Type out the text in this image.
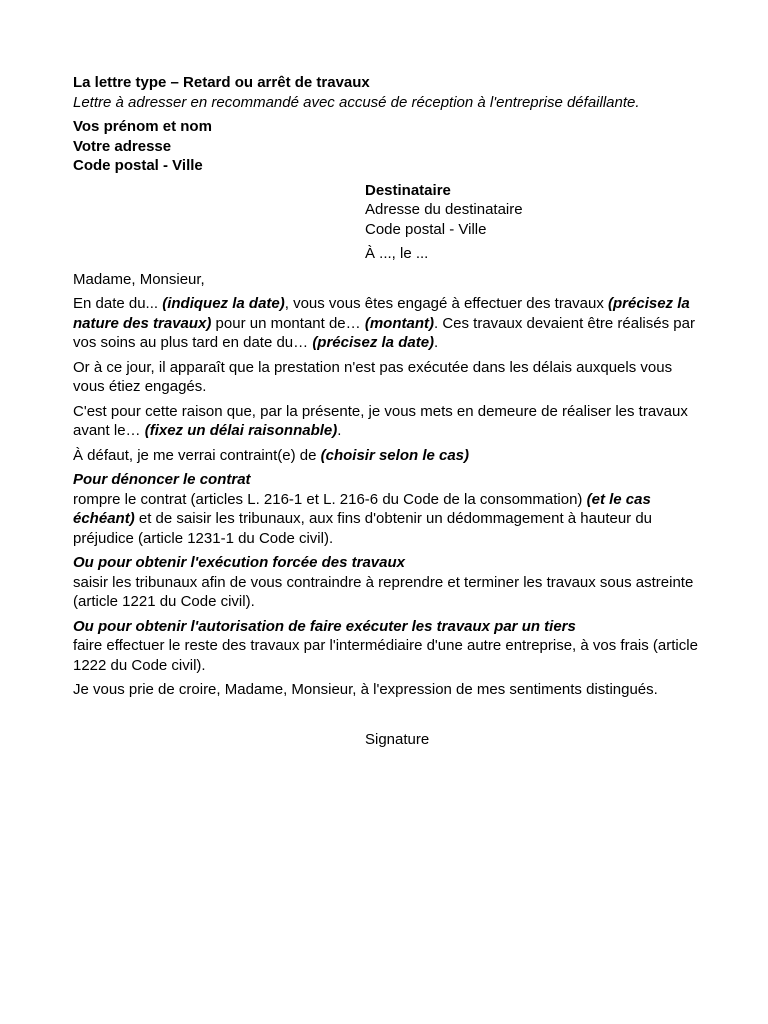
La lettre type – Retard ou arrêt de travaux

Lettre à adresser en recommandé avec accusé de réception à l'entreprise défaillante.

Vos prénom et nom

Votre adresse

Code postal - Ville

Destinataire

Adresse du destinataire

Code postal - Ville

À ..., le ...

Madame, Monsieur,

En date du... (indiquez la date), vous vous êtes engagé à effectuer des travaux (précisez la nature des travaux) pour un montant de… (montant). Ces travaux devaient être réalisés par vos soins au plus tard en date du… (précisez la date).

Or à ce jour, il apparaît que la prestation n'est pas exécutée dans les délais auxquels vous vous étiez engagés.

C'est pour cette raison que, par la présente, je vous mets en demeure de réaliser les travaux avant le… (fixez un délai raisonnable).

À défaut, je me verrai contraint(e) de (choisir selon le cas)

Pour dénoncer le contrat

rompre le contrat (articles L. 216-1 et L. 216-6 du Code de la consommation) (et le cas échéant) et de saisir les tribunaux, aux fins d'obtenir un dédommagement à hauteur du préjudice (article 1231-1 du Code civil).

Ou pour obtenir l'exécution forcée des travaux

saisir les tribunaux afin de vous contraindre à reprendre et terminer les travaux sous astreinte (article 1221 du Code civil).

Ou pour obtenir l'autorisation de faire exécuter les travaux par un tiers

faire effectuer le reste des travaux par l'intermédiaire d'une autre entreprise, à vos frais (article 1222 du Code civil).

Je vous prie de croire, Madame, Monsieur, à l'expression de mes sentiments distingués.

Signature
